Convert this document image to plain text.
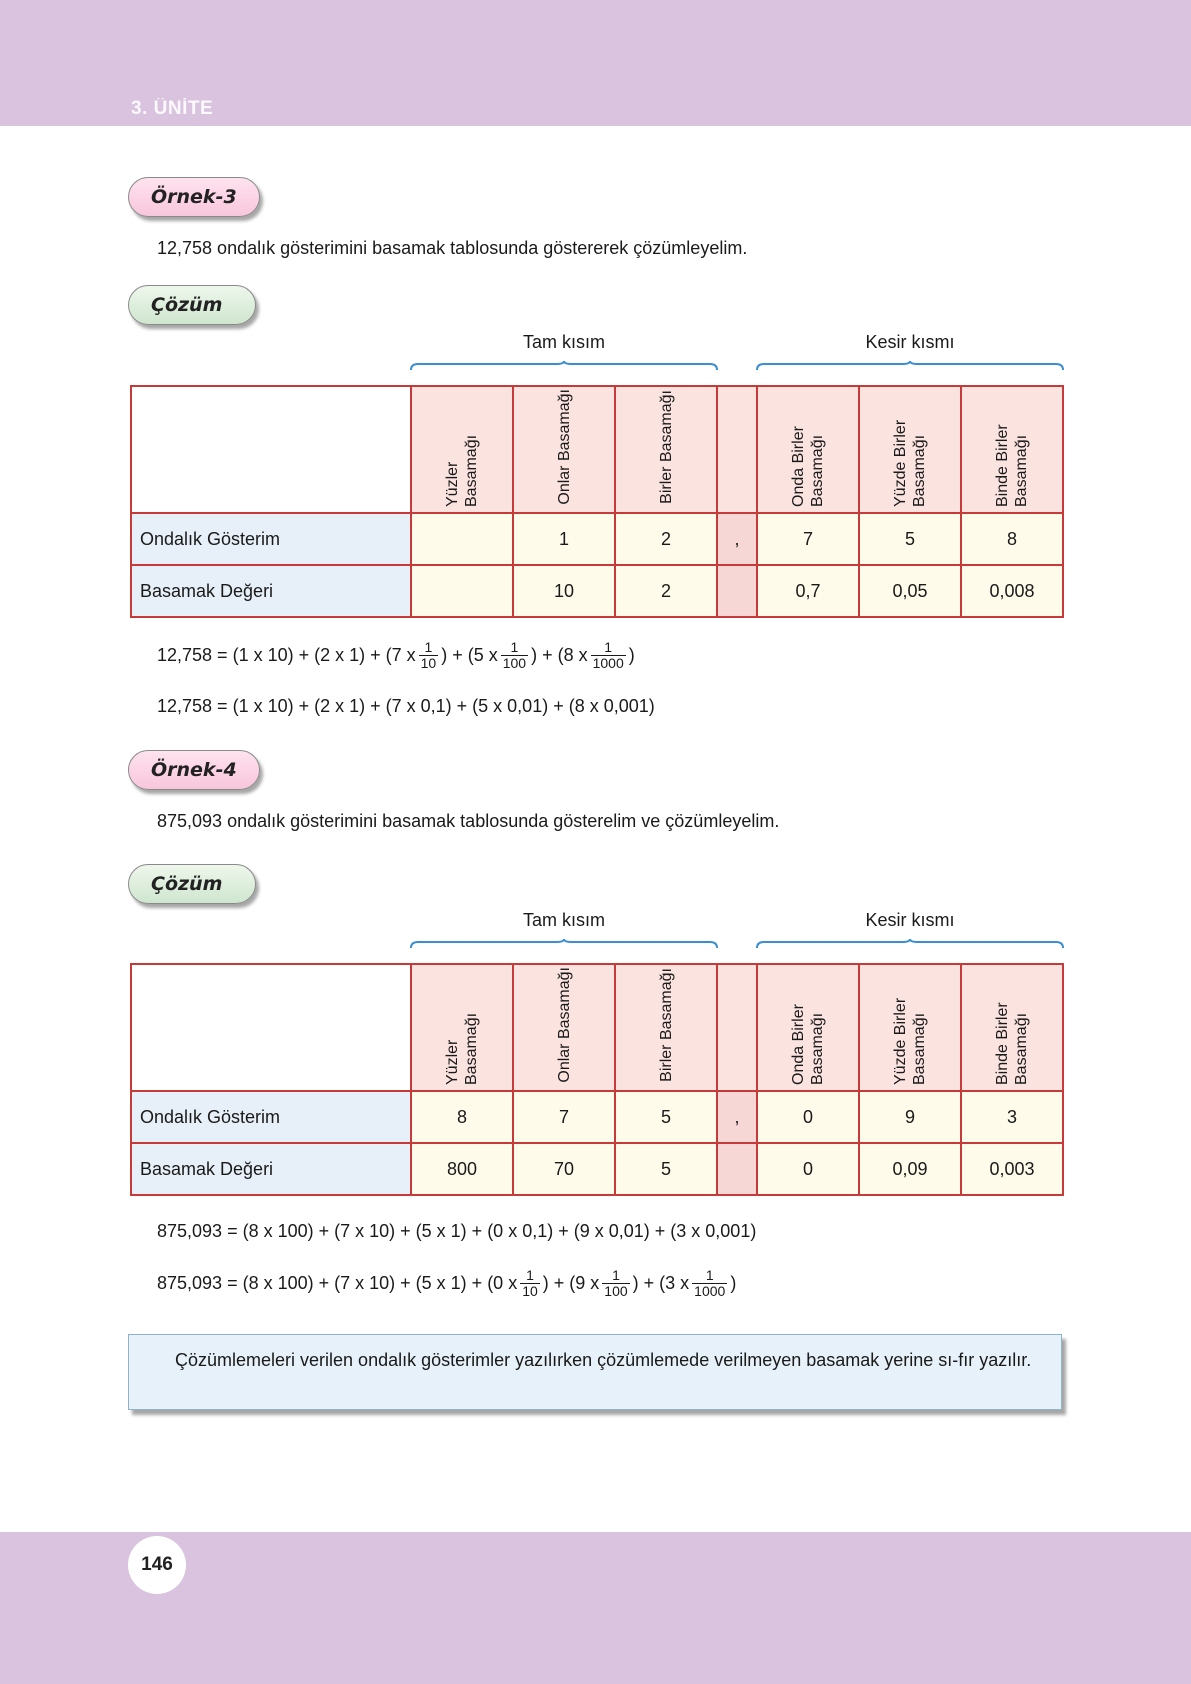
3. ÜNİTE
Örnek-3
12,758 ondalık gösterimini basamak tablosunda göstererek çözümleyelim.
Çözüm
Tam kısım	Kesir kısmı
	Yüzler Basamağı	Onlar Basamağı	Birler Basamağı		Onda Birler Basamağı	Yüzde Birler Basamağı	Binde Birler Basamağı
Ondalık Gösterim		1	2	,	7	5	8
Basamak Değeri		10	2		0,7	0,05	0,008
12,758 = (1 x 10) + (2 x 1) + (7 x $\frac{1}{10}$ ) + (5 x $\frac{1}{100}$ ) + (8 x $\frac{1}{1000}$ )
12,758 = (1 x 10) + (2 x 1) + (7 x 0,1) + (5 x 0,01) + (8 x 0,001)
Örnek-4
875,093 ondalık gösterimini basamak tablosunda gösterelim ve çözümleyelim.
Çözüm
Tam kısım	Kesir kısmı
	Yüzler Basamağı	Onlar Basamağı	Birler Basamağı		Onda Birler Basamağı	Yüzde Birler Basamağı	Binde Birler Basamağı
Ondalık Gösterim	8	7	5	,	0	9	3
Basamak Değeri	800	70	5		0	0,09	0,003
875,093 = (8 x 100) + (7 x 10) + (5 x 1) + (0 x 0,1) + (9 x 0,01) + (3 x 0,001)
875,093 = (8 x 100) + (7 x 10) + (5 x 1) + (0 x $\frac{1}{10}$ ) + (9 x $\frac{1}{100}$ ) + (3 x $\frac{1}{1000}$ )
Çözümlemeleri verilen ondalık gösterimler yazılırken çözümlemede verilmeyen basamak yerine sı-fır yazılır.
146
